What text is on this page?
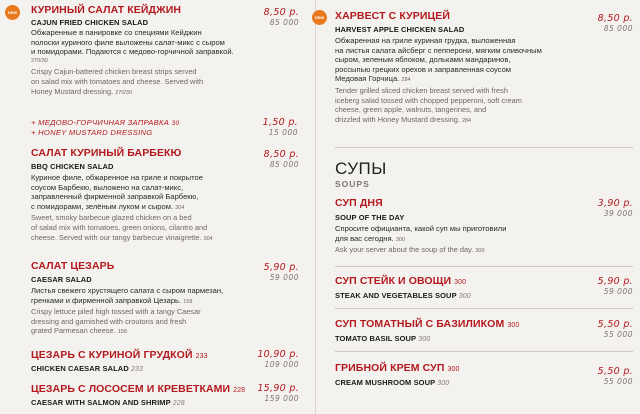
NEW КУРИНЫЙ САЛАТ КЕЙДЖИН
CAJUN FRIED CHICKEN SALAD
Обжаренные в панировке со специями Кейджин
полоски куриного филе выложены салат-микс с сыром
и помидорами. Подаются с медово-горчичной заправкой.
270/30
Crispy Cajun-battered chicken breast strips served
on salad mix with tomatoes and cheese. Served with
Honey Mustard dressing. 270/30
8,50 р.
85 000
+ МЕДОВО-ГОРЧИЧНАЯ ЗАПРАВКА 30
+ HONEY MUSTARD DRESSING
1,50 р.
15 000
САЛАТ КУРИНЫЙ БАРБЕКЮ
BBQ CHICKEN SALAD
Куриное филе, обжаренное на гриле и покрытое
соусом Барбекю, выложено на салат-микс,
заправленный фирменной заправкой Барбекю,
с помидорами, зелёным луком и сыром. 304
Sweet, smoky barbecue glazed chicken on a bed
of salad mix with tomatoes, green onions, cilantro and
cheese. Served with our tangy barbecue vinaigrette. 304
8,50 р.
85 000
САЛАТ ЦЕЗАРЬ
CAESAR SALAD
Листья свежего хрустящего салата с сыром пармезан,
гренками и фирменной заправкой Цезарь. 158
Crispy lettuce piled high tossed with a tangy Caesar
dressing and garnished with croutons and fresh
grated Parmesan cheese. 158
5,90 р.
59 000
ЦЕЗАРЬ С КУРИНОЙ ГРУДКОЙ 233
CHICKEN CAESAR SALAD 233
10,90 р.
109 000
ЦЕЗАРЬ С ЛОСОСЕМ И КРЕВЕТКАМИ 228
CAESAR WITH SALMON AND SHRIMP 228
15,90 р.
159 000
NEW ХАРВЕСТ С КУРИЦЕЙ
HARVEST APPLE CHICKEN SALAD
Обжаренная на гриле куриная грудка, выложенная
на листья салата айсберг с пепперони, мягким сливочным
сыром, зеленым яблоком, дольками мандаринов,
россыпью грецких орехов и заправленная соусом
Медовая Горчица. 284
Tender grilled sliced chicken breast served with fresh
iceberg salad tossed with chopped pepperoni, soft cream
cheese, green apple, walnuts, tangerines, and
drizzled with Honey Mustard dressing. 284
8,50 р.
85 000
СУПЫ
SOUPS
СУП ДНЯ
SOUP OF THE DAY
Спросите официанта, какой суп мы приготовили
для вас сегодня. 300
Ask your server about the soup of the day. 300
3,90 р.
39 000
СУП СТЕЙК И ОВОЩИ 300
STEAK AND VEGETABLES SOUP 300
5,90 р.
59 000
СУП ТОМАТНЫЙ С БАЗИЛИКОМ 300
TOMATO BASIL SOUP 300
5,50 р.
55 000
ГРИБНОЙ КРЕМ СУП 300
CREAM MUSHROOM SOUP 300
5,50 р.
55 000
